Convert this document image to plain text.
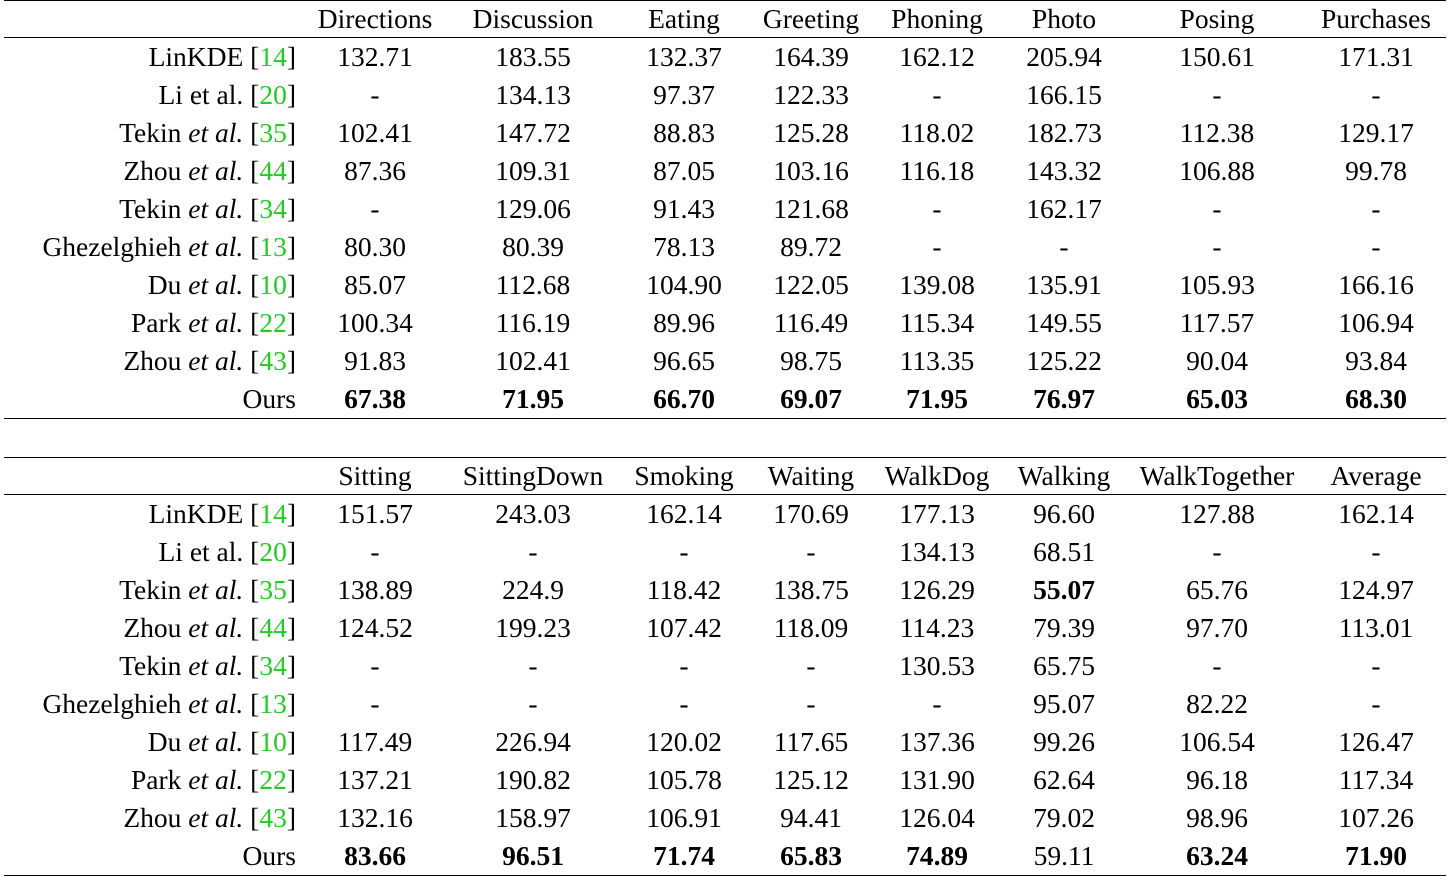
	Directions	Discussion	Eating	Greeting	Phoning	Photo	Posing	Purchases
LinKDE [14]	132.71	183.55	132.37	164.39	162.12	205.94	150.61	171.31
Li et al. [20]	-	134.13	97.37	122.33	-	166.15	-	-
Tekin et al. [35]	102.41	147.72	88.83	125.28	118.02	182.73	112.38	129.17
Zhou et al. [44]	87.36	109.31	87.05	103.16	116.18	143.32	106.88	99.78
Tekin et al. [34]	-	129.06	91.43	121.68	-	162.17	-	-
Ghezelghieh et al. [13]	80.30	80.39	78.13	89.72	-	-	-	-
Du et al. [10]	85.07	112.68	104.90	122.05	139.08	135.91	105.93	166.16
Park et al. [22]	100.34	116.19	89.96	116.49	115.34	149.55	117.57	106.94
Zhou et al. [43]	91.83	102.41	96.65	98.75	113.35	125.22	90.04	93.84
Ours	67.38	71.95	66.70	69.07	71.95	76.97	65.03	68.30

	Sitting	SittingDown	Smoking	Waiting	WalkDog	Walking	WalkTogether	Average
LinKDE [14]	151.57	243.03	162.14	170.69	177.13	96.60	127.88	162.14
Li et al. [20]	-	-	-	-	134.13	68.51	-	-
Tekin et al. [35]	138.89	224.9	118.42	138.75	126.29	55.07	65.76	124.97
Zhou et al. [44]	124.52	199.23	107.42	118.09	114.23	79.39	97.70	113.01
Tekin et al. [34]	-	-	-	-	130.53	65.75	-	-
Ghezelghieh et al. [13]	-	-	-	-	-	95.07	82.22	-
Du et al. [10]	117.49	226.94	120.02	117.65	137.36	99.26	106.54	126.47
Park et al. [22]	137.21	190.82	105.78	125.12	131.90	62.64	96.18	117.34
Zhou et al. [43]	132.16	158.97	106.91	94.41	126.04	79.02	98.96	107.26
Ours	83.66	96.51	71.74	65.83	74.89	59.11	63.24	71.90
